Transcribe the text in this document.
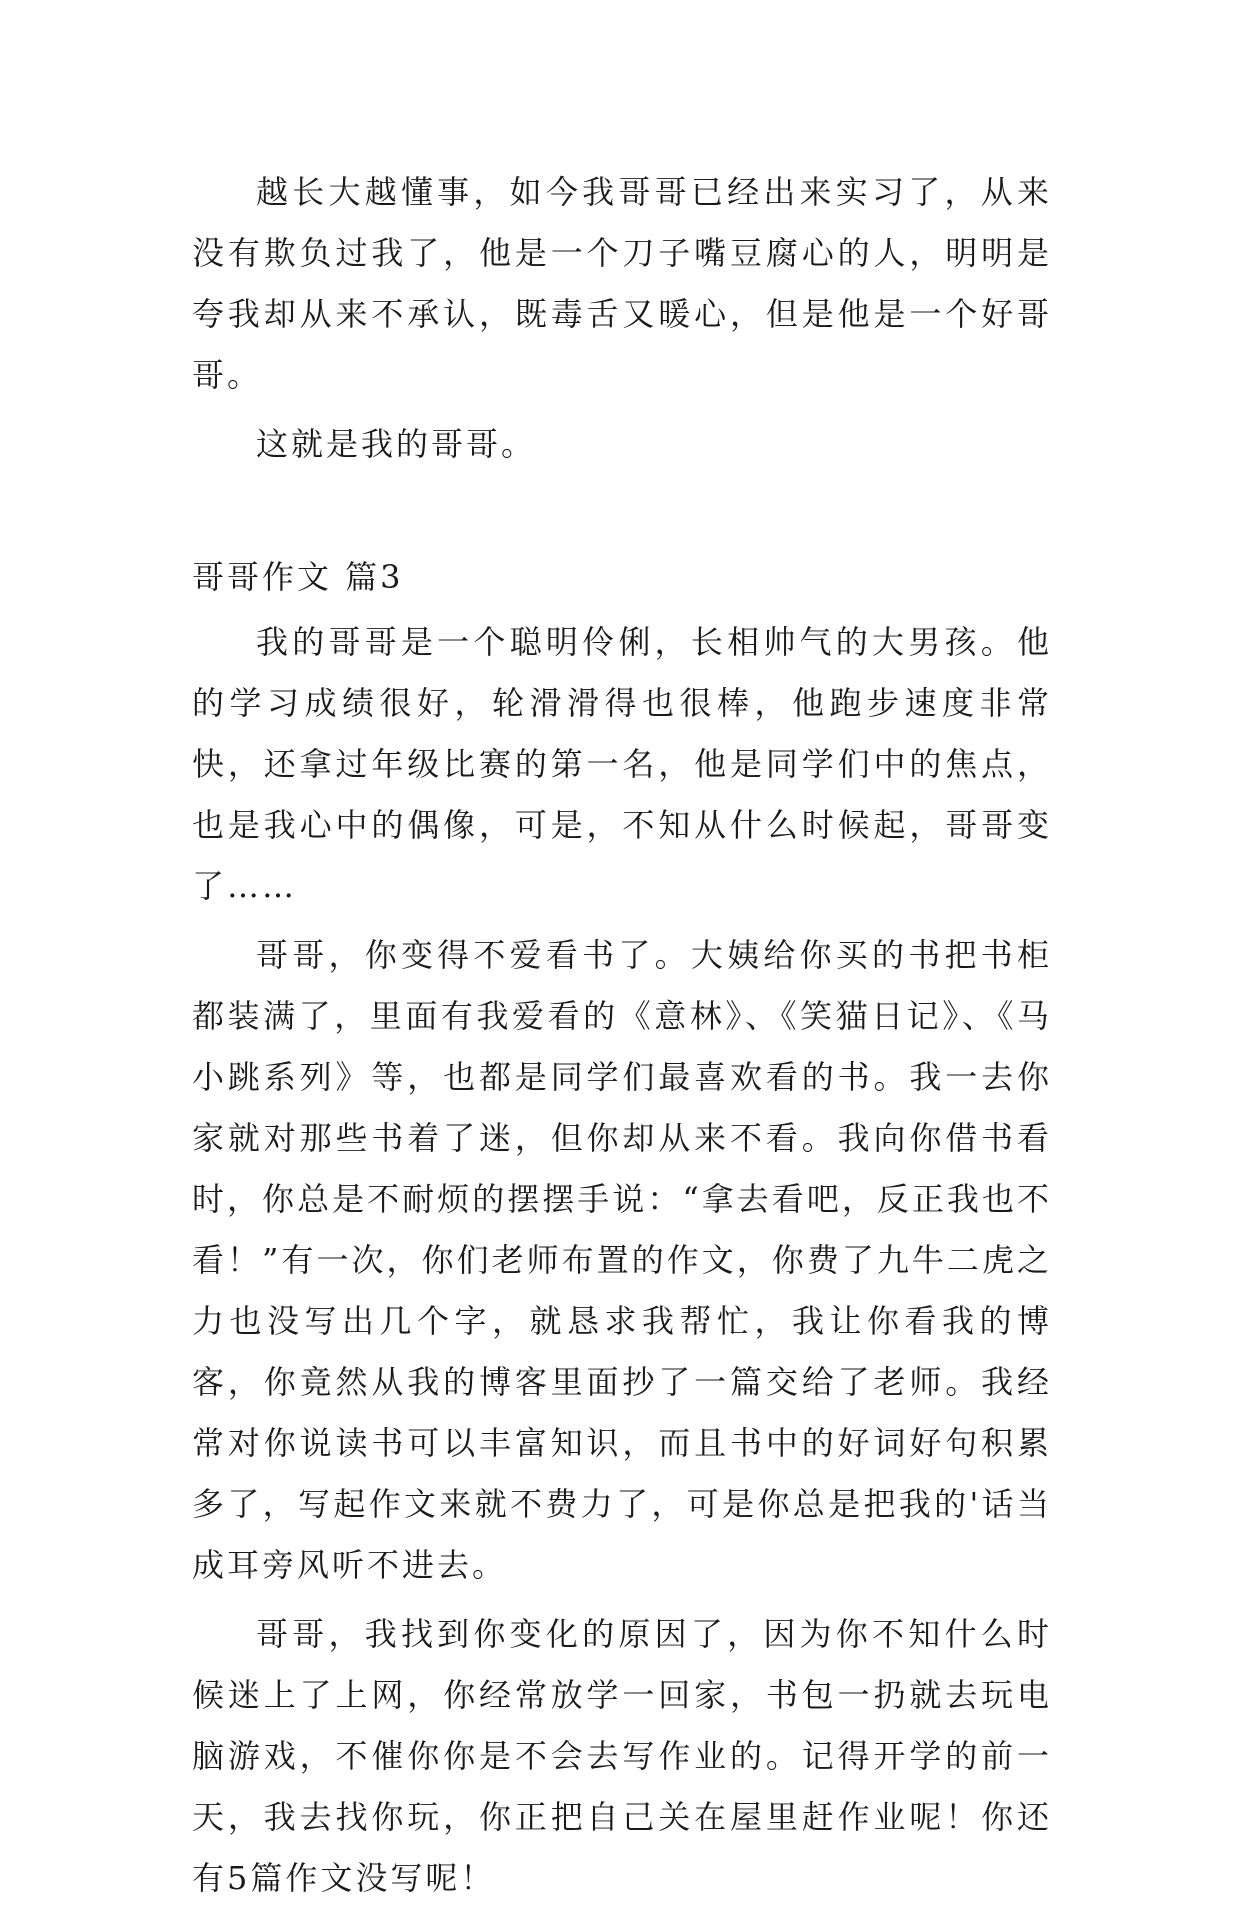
越长大越懂事，如今我哥哥已经出来实习了，从来没有欺负过我了，他是一个刀子嘴豆腐心的人，明明是夸我却从来不承认，既毒舌又暖心，但是他是一个好哥哥。

这就是我的哥哥。

哥哥作文 篇3

我的哥哥是一个聪明伶俐，长相帅气的大男孩。他的学习成绩很好，轮滑滑得也很棒，他跑步速度非常快，还拿过年级比赛的第一名，他是同学们中的焦点，也是我心中的偶像，可是，不知从什么时候起，哥哥变了……

哥哥，你变得不爱看书了。大姨给你买的书把书柜都装满了，里面有我爱看的《意林》、《笑猫日记》、《马小跳系列》等，也都是同学们最喜欢看的书。我一去你家就对那些书着了迷，但你却从来不看。我向你借书看时，你总是不耐烦的摆摆手说：“拿去看吧，反正我也不看！”有一次，你们老师布置的作文，你费了九牛二虎之力也没写出几个字，就恳求我帮忙，我让你看我的博客，你竟然从我的博客里面抄了一篇交给了老师。我经常对你说读书可以丰富知识，而且书中的好词好句积累多了，写起作文来就不费力了，可是你总是把我的'话当成耳旁风听不进去。

哥哥，我找到你变化的原因了，因为你不知什么时候迷上了上网，你经常放学一回家，书包一扔就去玩电脑游戏，不催你你是不会去写作业的。记得开学的前一天，我去找你玩，你正把自己关在屋里赶作业呢！你还有5篇作文没写呢！
